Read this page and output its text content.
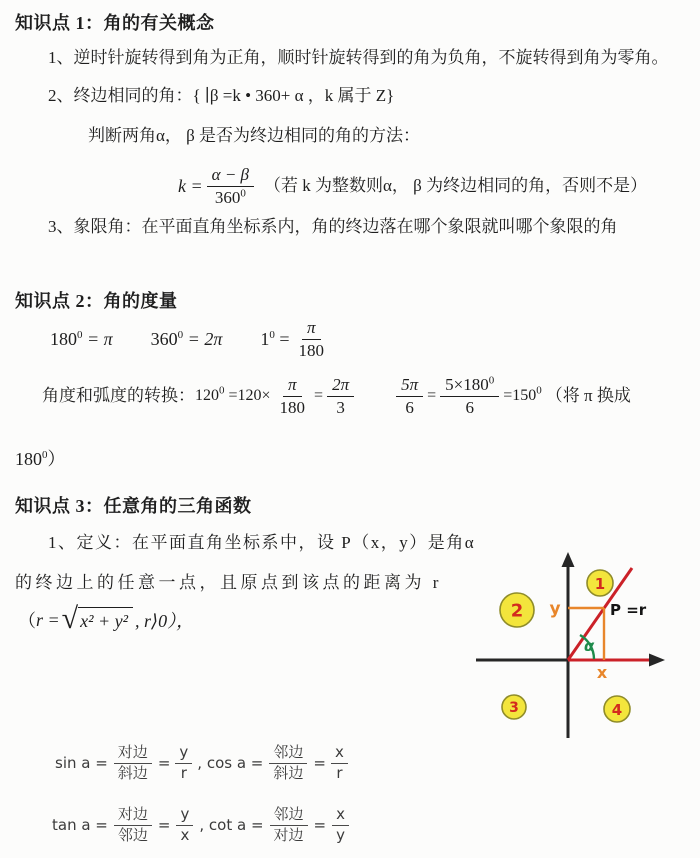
知识点 1：角的有关概念
1、逆时针旋转得到角为正角，顺时针旋转得到的角为负角，不旋转得到角为零角。
2、终边相同的角：{ ∣β =k • 360+ α ，k 属于 Z}
判断两角α， β 是否为终边相同的角的方法：
$k = \frac{\alpha - \beta}{360^0}$ （若 k 为整数则α， β 为终边相同的角，否则不是）
3、象限角：在平面直角坐标系内，角的终边落在哪个象限就叫哪个象限的角
知识点 2：角的度量
$180^0 = \pi$ $360^0 = 2\pi$ $1^0 = \frac{\pi}{180}$
角度和弧度的转换： $120^0 =120\times \frac{\pi}{180} = \frac{2\pi}{3} \frac{5\pi}{6} = \frac{5\times 180^0}{6} =150^0$ （将 π 换成
$180^0$）
知识点 3：任意角的三角函数
1、定义：在平面直角坐标系中，设 P（x，y）是角α
的终边上的任意一点，且原点到该点的距离为 r
（ r = √ x² + y² , r⟩0），
y
x
P =r
α
1
2
3	4
$\sin a = \frac{\text{对边}}{\text{斜边}} = \frac{y}{r}$ , $\cos a = \frac{\text{邻边}}{\text{斜边}} = \frac{x}{r}$
$\tan a = \frac{\text{对边}}{\text{邻边}} = \frac{y}{x}$ , $\cot a = \frac{\text{邻边}}{\text{对边}} = \frac{x}{y}$
